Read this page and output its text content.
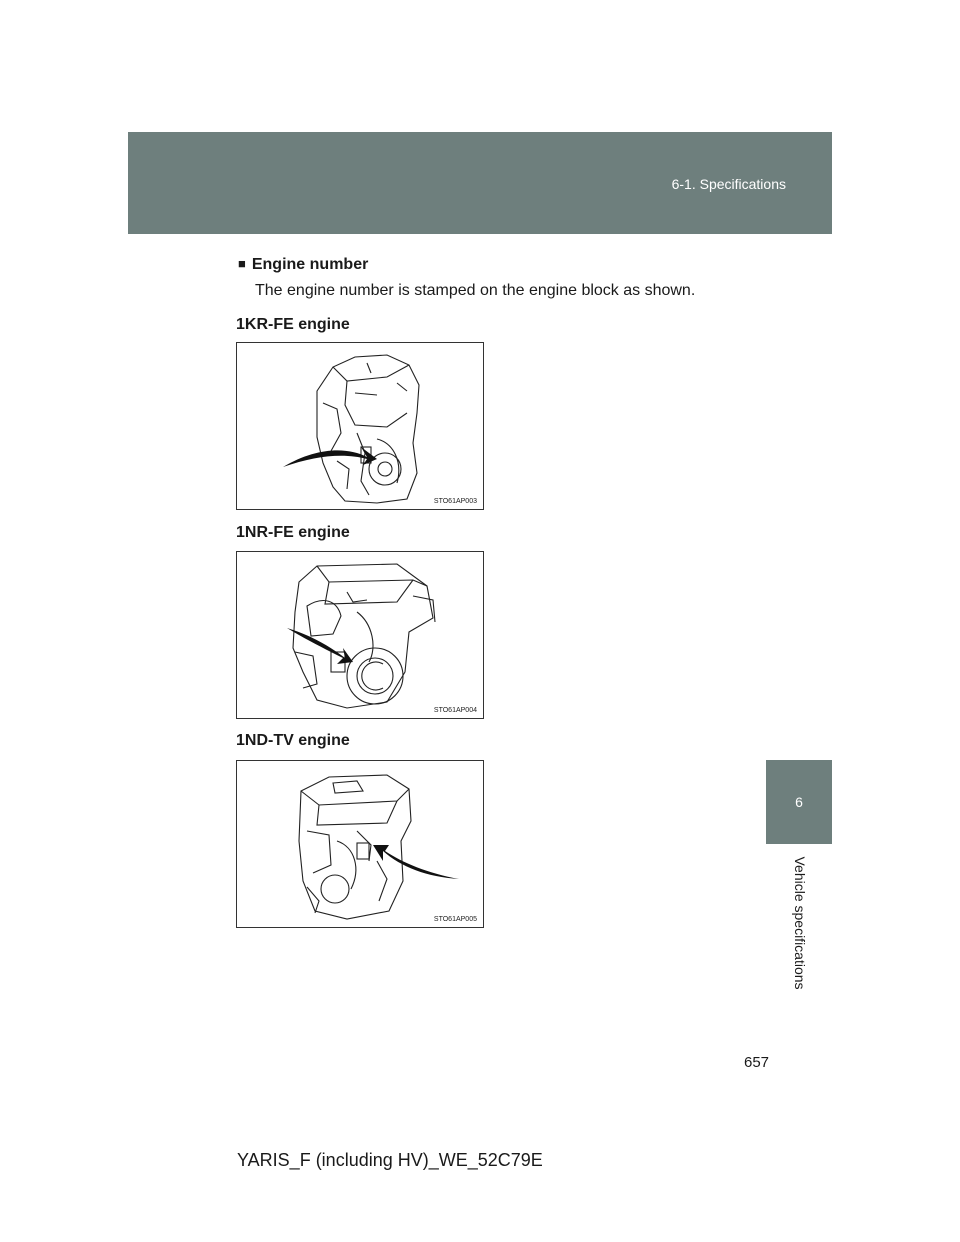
6-1. Specifications
6
Vehicle specifications
■ Engine number
The engine number is stamped on the engine block as shown.
1KR-FE engine
STO61AP003
1NR-FE engine
STO61AP004
1ND-TV engine
STO61AP005
657
YARIS_F (including HV)_WE_52C79E
